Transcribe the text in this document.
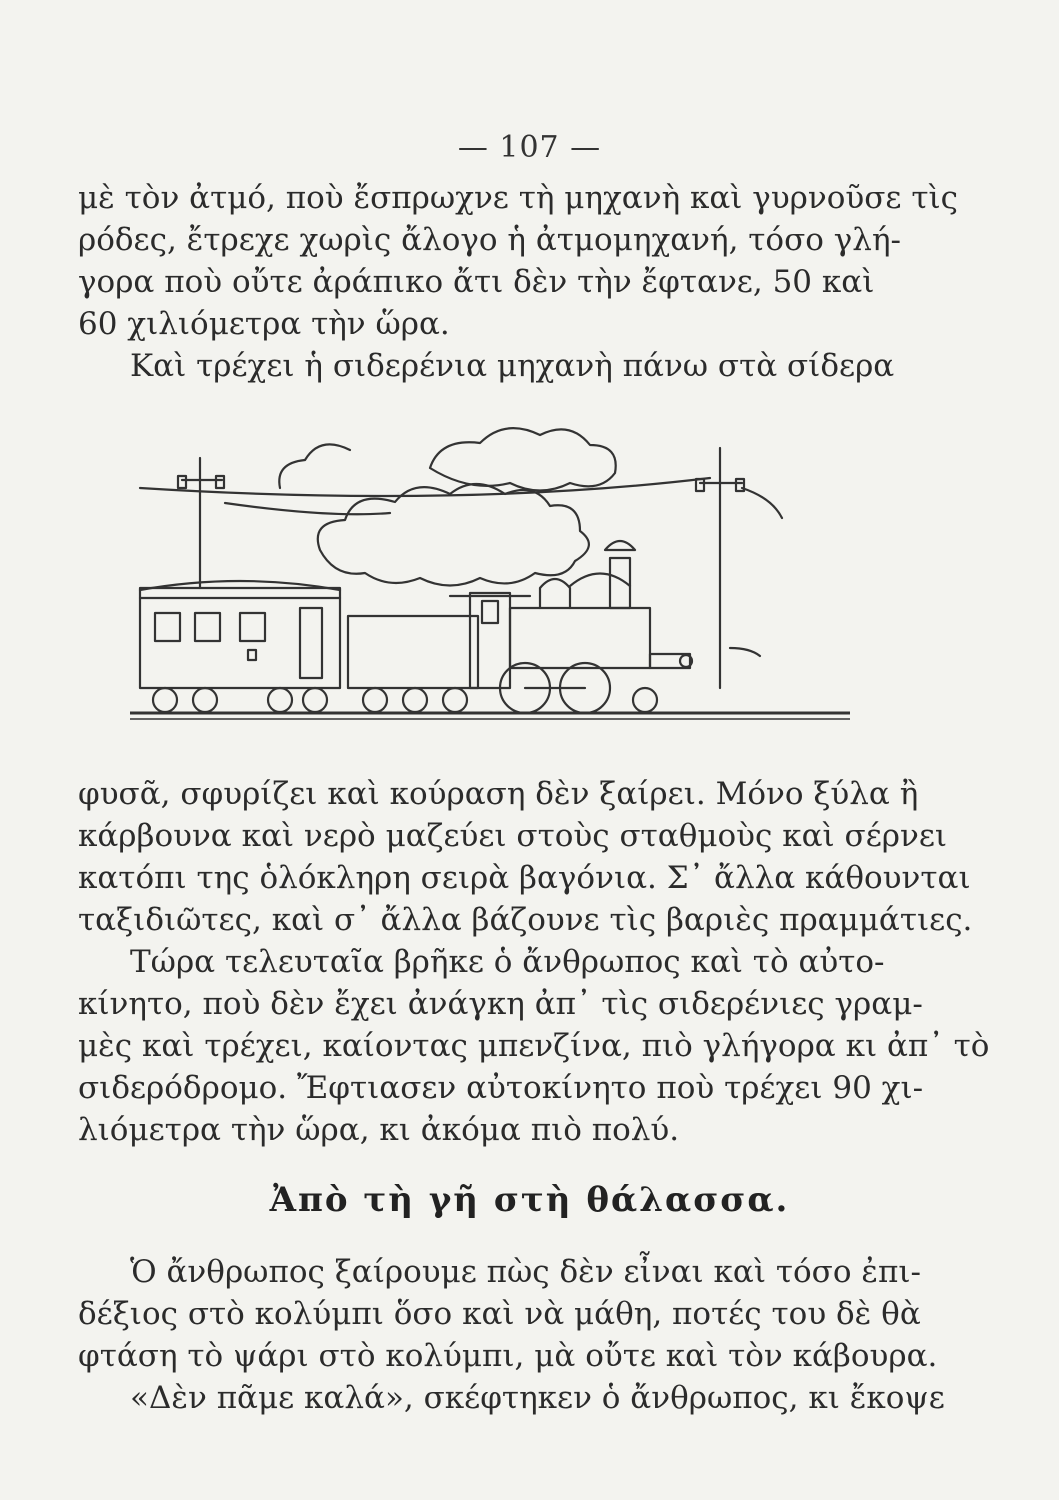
— 107 —
μὲ τὸν ἀτμό, ποὺ ἔσπρωχνε τὴ μηχανὴ καὶ γυρνοῦσε τὶς
ρόδες, ἔτρεχε χωρὶς ἄλογο ἡ ἀτμομηχανή, τόσο γλή-
γορα ποὺ οὔτε ἀράπικο ἄτι δὲν τὴν ἔφτανε, 50 καὶ
60 χιλιόμετρα τὴν ὥρα.
Καὶ τρέχει ἡ σιδερένια μηχανὴ πάνω στὰ σίδερα
φυσᾶ, σφυρίζει καὶ κούραση δὲν ξαίρει. Μόνο ξύλα ἢ
κάρβουνα καὶ νερὸ μαζεύει στοὺς σταθμοὺς καὶ σέρνει
κατόπι της ὁλόκληρη σειρὰ βαγόνια. Σ᾽ ἄλλα κάθουνται
ταξιδιῶτες, καὶ σ᾽ ἄλλα βάζουνε τὶς βαριὲς πραμμάτιες.
Τώρα τελευταῖα βρῆκε ὁ ἄνθρωπος καὶ τὸ αὐτο-
κίνητο, ποὺ δὲν ἔχει ἀνάγκη ἀπ᾽ τὶς σιδερένιες γραμ-
μὲς καὶ τρέχει, καίοντας μπενζίνα, πιὸ γλήγορα κι ἀπ᾽ τὸ
σιδερόδρομο. Ἔφτιασεν αὐτοκίνητο ποὺ τρέχει 90 χι-
λιόμετρα τὴν ὥρα, κι ἀκόμα πιὸ πολύ.
Ἀπὸ τὴ γῆ στὴ θάλασσα.
Ὁ ἄνθρωπος ξαίρουμε πὼς δὲν εἶναι καὶ τόσο ἐπι-
δέξιος στὸ κολύμπι ὅσο καὶ νὰ μάθη, ποτές του δὲ θὰ
φτάση τὸ ψάρι στὸ κολύμπι, μὰ οὔτε καὶ τὸν κάβουρα.
«Δὲν πᾶμε καλά», σκέφτηκεν ὁ ἄνθρωπος, κι ἔκοψε
